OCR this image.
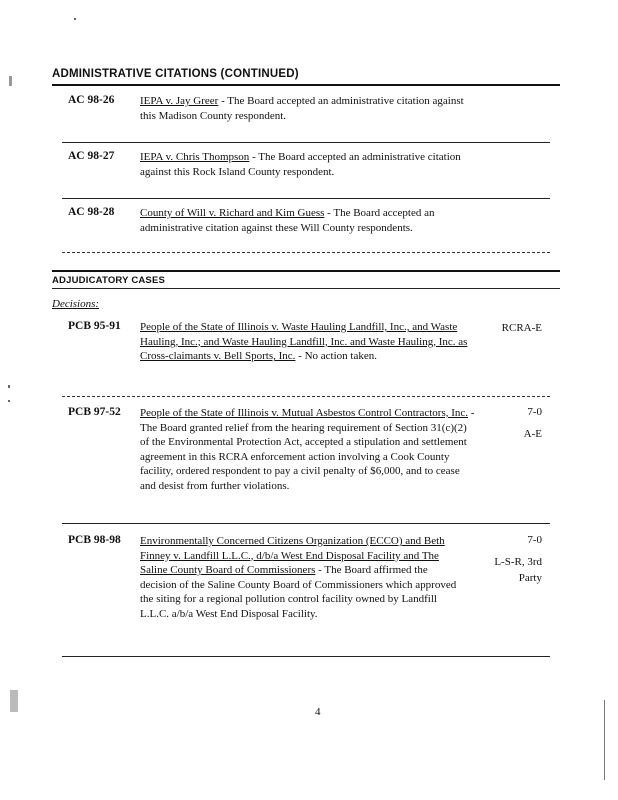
ADMINISTRATIVE CITATIONS (CONTINUED)
AC 98-26 IEPA v. Jay Greer - The Board accepted an administrative citation against this Madison County respondent.
AC 98-27 IEPA v. Chris Thompson - The Board accepted an administrative citation against this Rock Island County respondent.
AC 98-28 County of Will v. Richard and Kim Guess - The Board accepted an administrative citation against these Will County respondents.
ADJUDICATORY CASES
Decisions:
PCB 95-91 People of the State of Illinois v. Waste Hauling Landfill, Inc., and Waste Hauling, Inc.; and Waste Hauling Landfill, Inc. and Waste Hauling, Inc. as Cross-claimants v. Bell Sports, Inc. - No action taken.
RCRA-E
PCB 97-52 People of the State of Illinois v. Mutual Asbestos Control Contractors, Inc. - The Board granted relief from the hearing requirement of Section 31(c)(2) of the Environmental Protection Act, accepted a stipulation and settlement agreement in this RCRA enforcement action involving a Cook County facility, ordered respondent to pay a civil penalty of $6,000, and to cease and desist from further violations.
7-0
A-E
PCB 98-98 Environmentally Concerned Citizens Organization (ECCO) and Beth Finney v. Landfill L.L.C., d/b/a West End Disposal Facility and The Saline County Board of Commissioners - The Board affirmed the decision of the Saline County Board of Commissioners which approved the siting for a regional pollution control facility owned by Landfill L.L.C. a/b/a West End Disposal Facility.
7-0
L-S-R, 3rd
Party
4
